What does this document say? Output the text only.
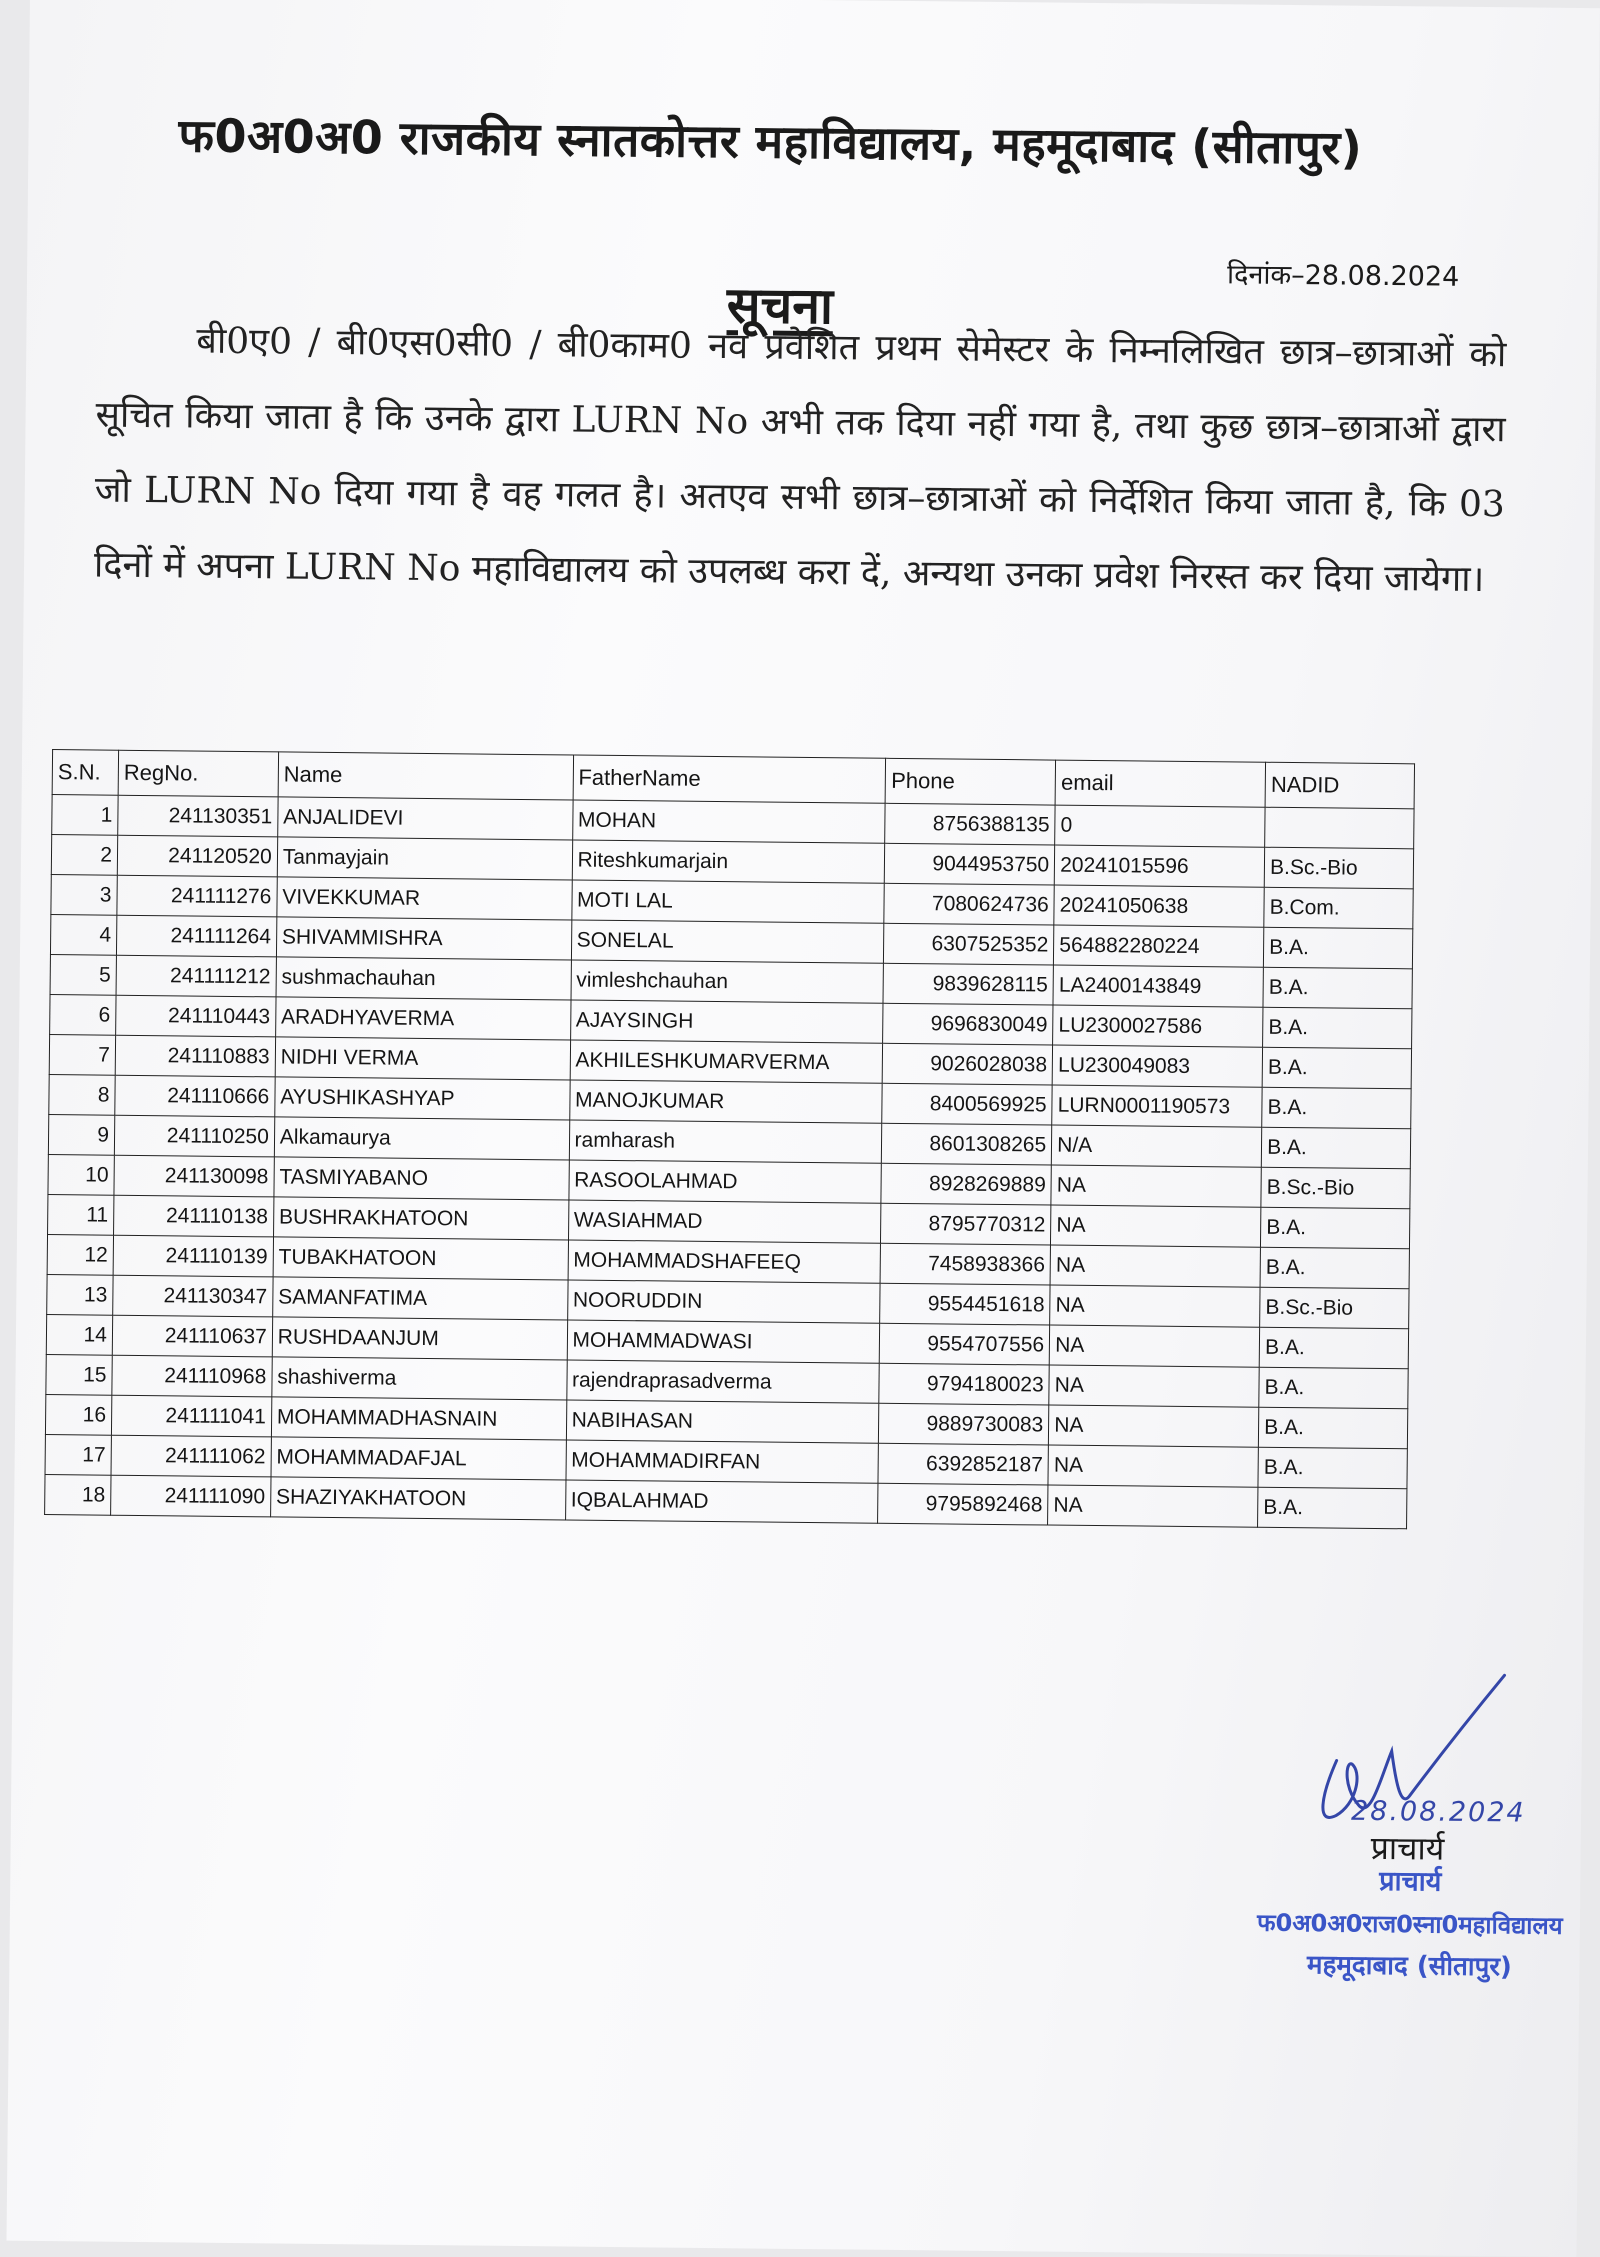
फ0अ0अ0 राजकीय स्नातकोत्तर महाविद्यालय, महमूदाबाद (सीतापुर)
दिनांक–28.08.2024
सूचना
बी0ए0 / बी0एस0सी0 / बी0काम0 नव प्रवेशित प्रथम सेमेस्टर के निम्नलिखित छात्र–छात्राओं को सूचित किया जाता है कि उनके द्वारा LURN No अभी तक दिया नहीं गया है, तथा कुछ छात्र–छात्राओं द्वारा जो LURN No दिया गया है वह गलत है। अतएव सभी छात्र–छात्राओं को निर्देशित किया जाता है, कि 03 दिनों में अपना LURN No महाविद्यालय को उपलब्ध करा दें, अन्यथा उनका प्रवेश निरस्त कर दिया जायेगा।
S.N.	RegNo.	Name	FatherName	Phone	email	NADID
1	241130351	ANJALIDEVI	MOHAN	8756388135	0	
2	241120520	Tanmayjain	Riteshkumarjain	9044953750	20241015596	B.Sc.-Bio
3	241111276	VIVEKKUMAR	MOTI LAL	7080624736	20241050638	B.Com.
4	241111264	SHIVAMMISHRA	SONELAL	6307525352	564882280224	B.A.
5	241111212	sushmachauhan	vimleshchauhan	9839628115	LA2400143849	B.A.
6	241110443	ARADHYAVERMA	AJAYSINGH	9696830049	LU2300027586	B.A.
7	241110883	NIDHI VERMA	AKHILESHKUMARVERMA	9026028038	LU230049083	B.A.
8	241110666	AYUSHIKASHYAP	MANOJKUMAR	8400569925	LURN0001190573	B.A.
9	241110250	Alkamaurya	ramharash	8601308265	N/A	B.A.
10	241130098	TASMIYABANO	RASOOLAHMAD	8928269889	NA	B.Sc.-Bio
11	241110138	BUSHRAKHATOON	WASIAHMAD	8795770312	NA	B.A.
12	241110139	TUBAKHATOON	MOHAMMADSHAFEEQ	7458938366	NA	B.A.
13	241130347	SAMANFATIMA	NOORUDDIN	9554451618	NA	B.Sc.-Bio
14	241110637	RUSHDAANJUM	MOHAMMADWASI	9554707556	NA	B.A.
15	241110968	shashiverma	rajendraprasadverma	9794180023	NA	B.A.
16	241111041	MOHAMMADHASNAIN	NABIHASAN	9889730083	NA	B.A.
17	241111062	MOHAMMADAFJAL	MOHAMMADIRFAN	6392852187	NA	B.A.
18	241111090	SHAZIYAKHATOON	IQBALAHMAD	9795892468	NA	B.A.
28.08.2024
प्राचार्य
प्राचार्य
फ0अ0अ0राज0स्ना0महाविद्यालय
महमूदाबाद (सीतापुर)
